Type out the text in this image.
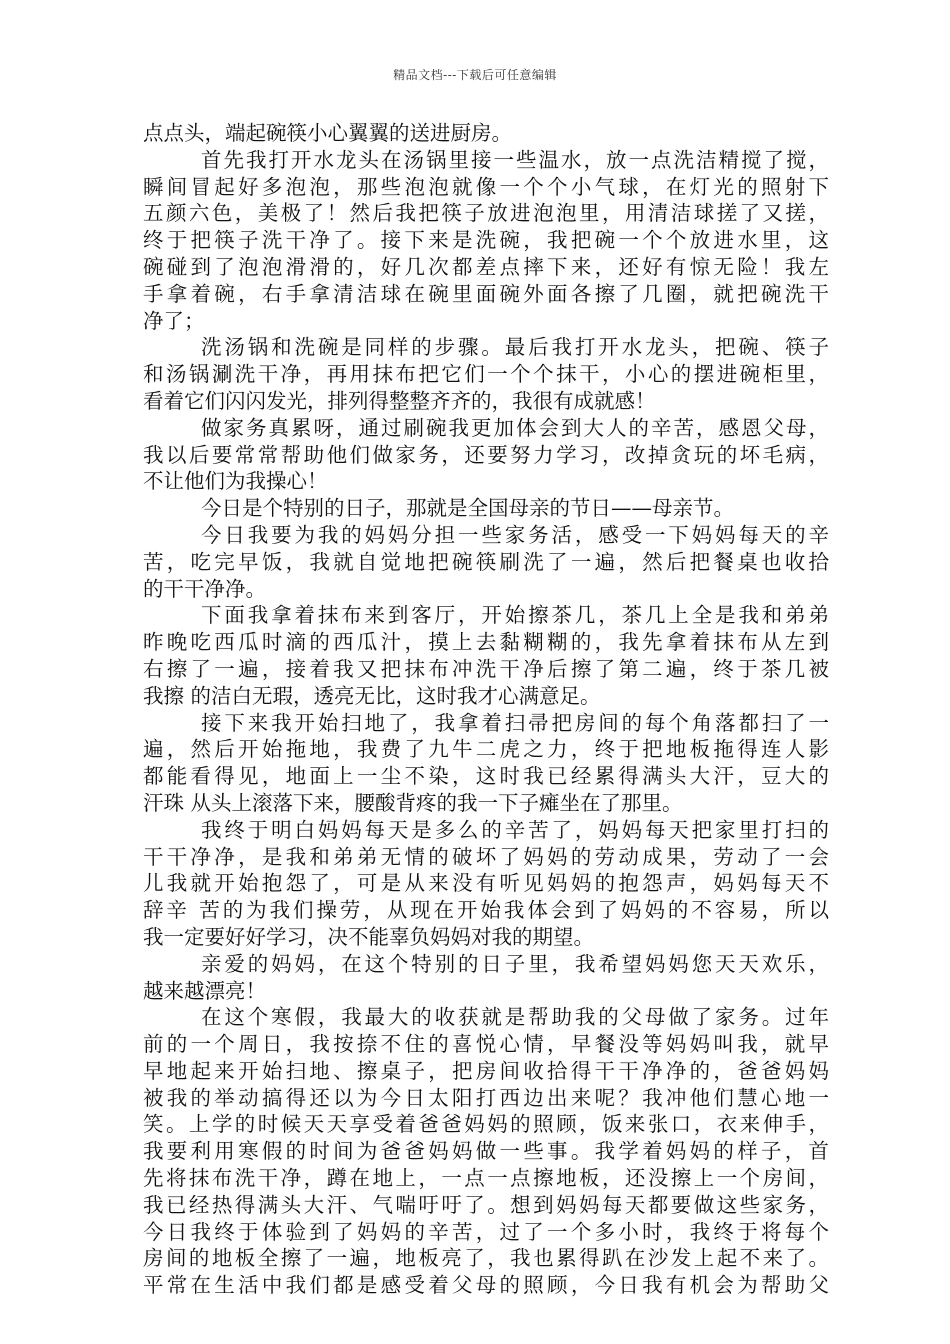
精品文档---下载后可任意编辑
点点头，端起碗筷小心翼翼的送进厨房。
首先我打开水龙头在汤锅里接一些温水，放一点洗洁精搅了搅，
瞬间冒起好多泡泡，那些泡泡就像一个个小气球，在灯光的照射下
五颜六色，美极了！然后我把筷子放进泡泡里，用清洁球搓了又搓，
终于把筷子洗干净了。接下来是洗碗，我把碗一个个放进水里，这
碗碰到了泡泡滑滑的，好几次都差点摔下来，还好有惊无险！我左
手拿着碗，右手拿清洁球在碗里面碗外面各擦了几圈，就把碗洗干
净了；
洗汤锅和洗碗是同样的步骤。最后我打开水龙头，把碗、筷子
和汤锅涮洗干净，再用抹布把它们一个个抹干，小心的摆进碗柜里，
看着它们闪闪发光，排列得整整齐齐的，我很有成就感！
做家务真累呀，通过刷碗我更加体会到大人的辛苦，感恩父母，
我以后要常常帮助他们做家务，还要努力学习，改掉贪玩的坏毛病，
不让他们为我操心！
今日是个特别的日子，那就是全国母亲的节日——母亲节。
今日我要为我的妈妈分担一些家务活，感受一下妈妈每天的辛
苦，吃完早饭，我就自觉地把碗筷刷洗了一遍，然后把餐桌也收拾
的干干净净。
下面我拿着抹布来到客厅，开始擦茶几，茶几上全是我和弟弟
昨晚吃西瓜时滴的西瓜汁，摸上去黏糊糊的，我先拿着抹布从左到
右擦了一遍，接着我又把抹布冲洗干净后擦了第二遍，终于茶几被
我擦 的洁白无瑕，透亮无比，这时我才心满意足。
接下来我开始扫地了，我拿着扫帚把房间的每个角落都扫了一
遍，然后开始拖地，我费了九牛二虎之力，终于把地板拖得连人影
都能看得见，地面上一尘不染，这时我已经累得满头大汗，豆大的
汗珠 从头上滚落下来，腰酸背疼的我一下子瘫坐在了那里。
我终于明白妈妈每天是多么的辛苦了，妈妈每天把家里打扫的
干干净净，是我和弟弟无情的破坏了妈妈的劳动成果，劳动了一会
儿我就开始抱怨了，可是从来没有听见妈妈的抱怨声，妈妈每天不
辞辛 苦的为我们操劳，从现在开始我体会到了妈妈的不容易，所以
我一定要好好学习，决不能辜负妈妈对我的期望。
亲爱的妈妈，在这个特别的日子里，我希望妈妈您天天欢乐，
越来越漂亮！
在这个寒假，我最大的收获就是帮助我的父母做了家务。过年
前的一个周日，我按捺不住的喜悦心情，早餐没等妈妈叫我，就早
早地起来开始扫地、擦桌子，把房间收拾得干干净净的，爸爸妈妈
被我的举动搞得还以为今日太阳打西边出来呢？我冲他们慧心地一
笑。上学的时候天天享受着爸爸妈妈的照顾，饭来张口，衣来伸手，
我要利用寒假的时间为爸爸妈妈做一些事。我学着妈妈的样子，首
先将抹布洗干净，蹲在地上，一点一点擦地板，还没擦上一个房间，
我已经热得满头大汗、气喘吁吁了。想到妈妈每天都要做这些家务，
今日我终于体验到了妈妈的辛苦，过了一个多小时，我终于将每个
房间的地板全擦了一遍，地板亮了，我也累得趴在沙发上起不来了。
平常在生活中我们都是感受着父母的照顾，今日我有机会为帮助父
